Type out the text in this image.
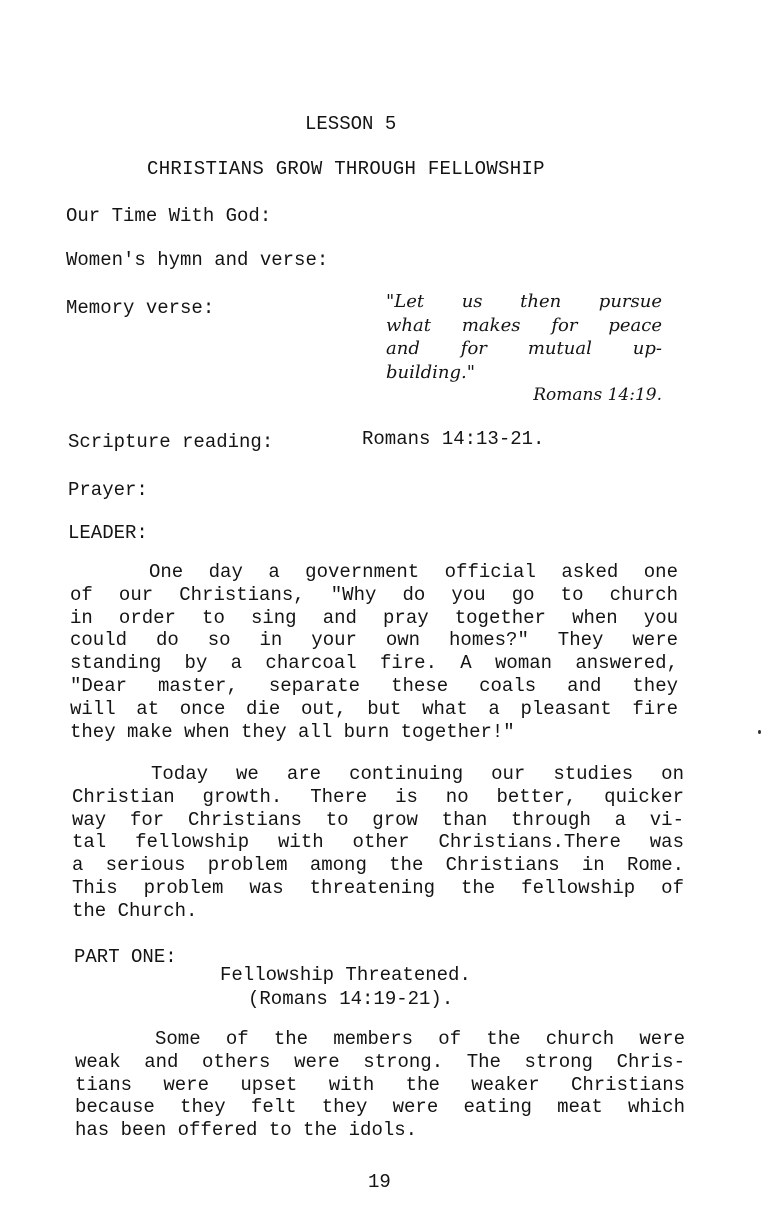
LESSON 5
CHRISTIANS GROW THROUGH FELLOWSHIP
Our Time With God:
Women's hymn and verse:
Memory verse:	"Let us then pursue
what makes for peace
and for mutual up-
building."
Romans 14:19.
Scripture reading:	Romans 14:13-21.
Prayer:
LEADER:
One day a government official asked one
of our Christians, "Why do you go to church
in order to sing and pray together when you
could do so in your own homes?" They were
standing by a charcoal fire. A woman answered,
"Dear master, separate these coals and they
will at once die out, but what a pleasant fire
they make when they all burn together!"
Today we are continuing our studies on
Christian growth. There is no better, quicker
way for Christians to grow than through a vi-
tal fellowship with other Christians.There was
a serious problem among the Christians in Rome.
This problem was threatening the fellowship of
the Church.
PART ONE:
Fellowship Threatened.
(Romans 14:19-21).
Some of the members of the church were
weak and others were strong. The strong Chris-
tians were upset with the weaker Christians
because they felt they were eating meat which
has been offered to the idols.
19
